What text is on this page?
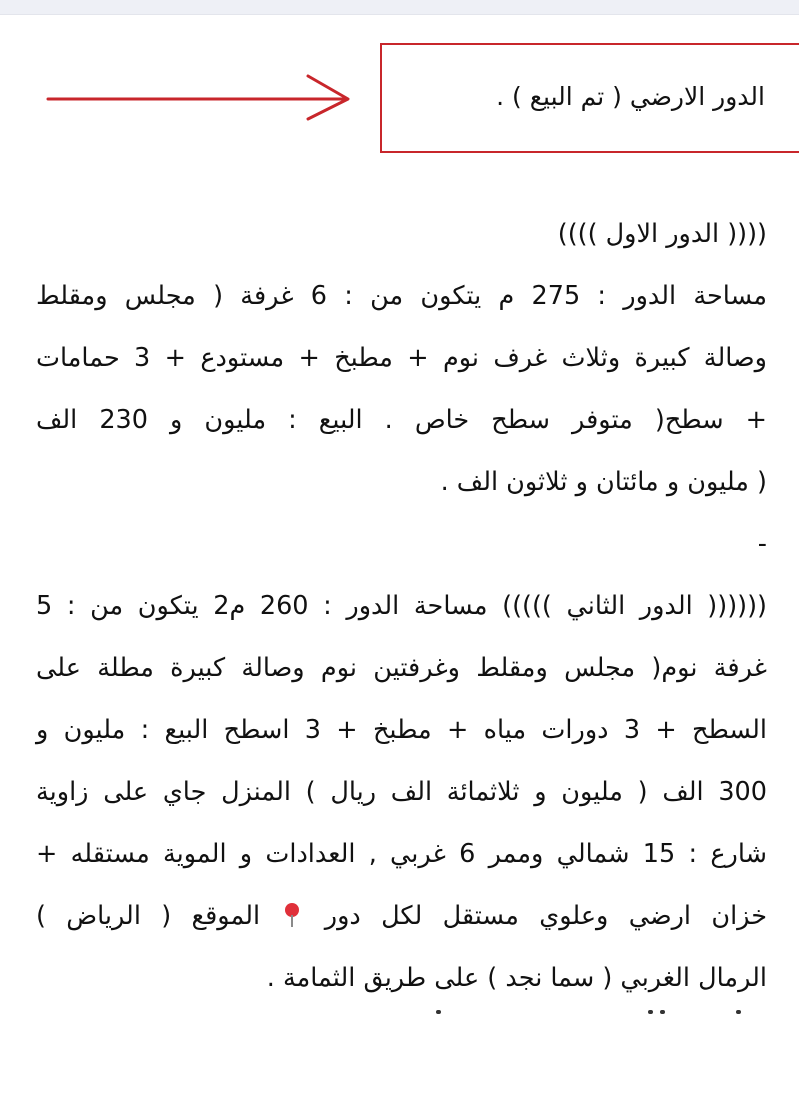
الدور الارضي ( تم البيع ) .
(((( الدور الاول ))))
مساحة الدور : 275 م يتكون من : 6 غرفة ( مجلس ومقلط
وصالة كبيرة وثلاث غرف نوم + مطبخ + مستودع + 3 حمامات
+ سطح( متوفر سطح خاص . البيع : مليون و 230 الف
( مليون و مائتان و ثلاثون الف .
-
(((((( الدور الثاني ))))) مساحة الدور : 260 م2 يتكون من : 5
غرفة نوم( مجلس ومقلط وغرفتين نوم وصالة كبيرة مطلة على
السطح + 3 دورات مياه + مطبخ + 3 اسطح البيع : مليون و
300 الف ( مليون و ثلاثمائة الف ريال ) المنزل جاي على زاوية
شارع : 15 شمالي وممر 6 غربي , العدادات و الموية مستقله +
خزان ارضي وعلوي مستقل لكل دور  الموقع ( الرياض )
الرمال الغربي ( سما نجد ) على طريق الثمامة .
